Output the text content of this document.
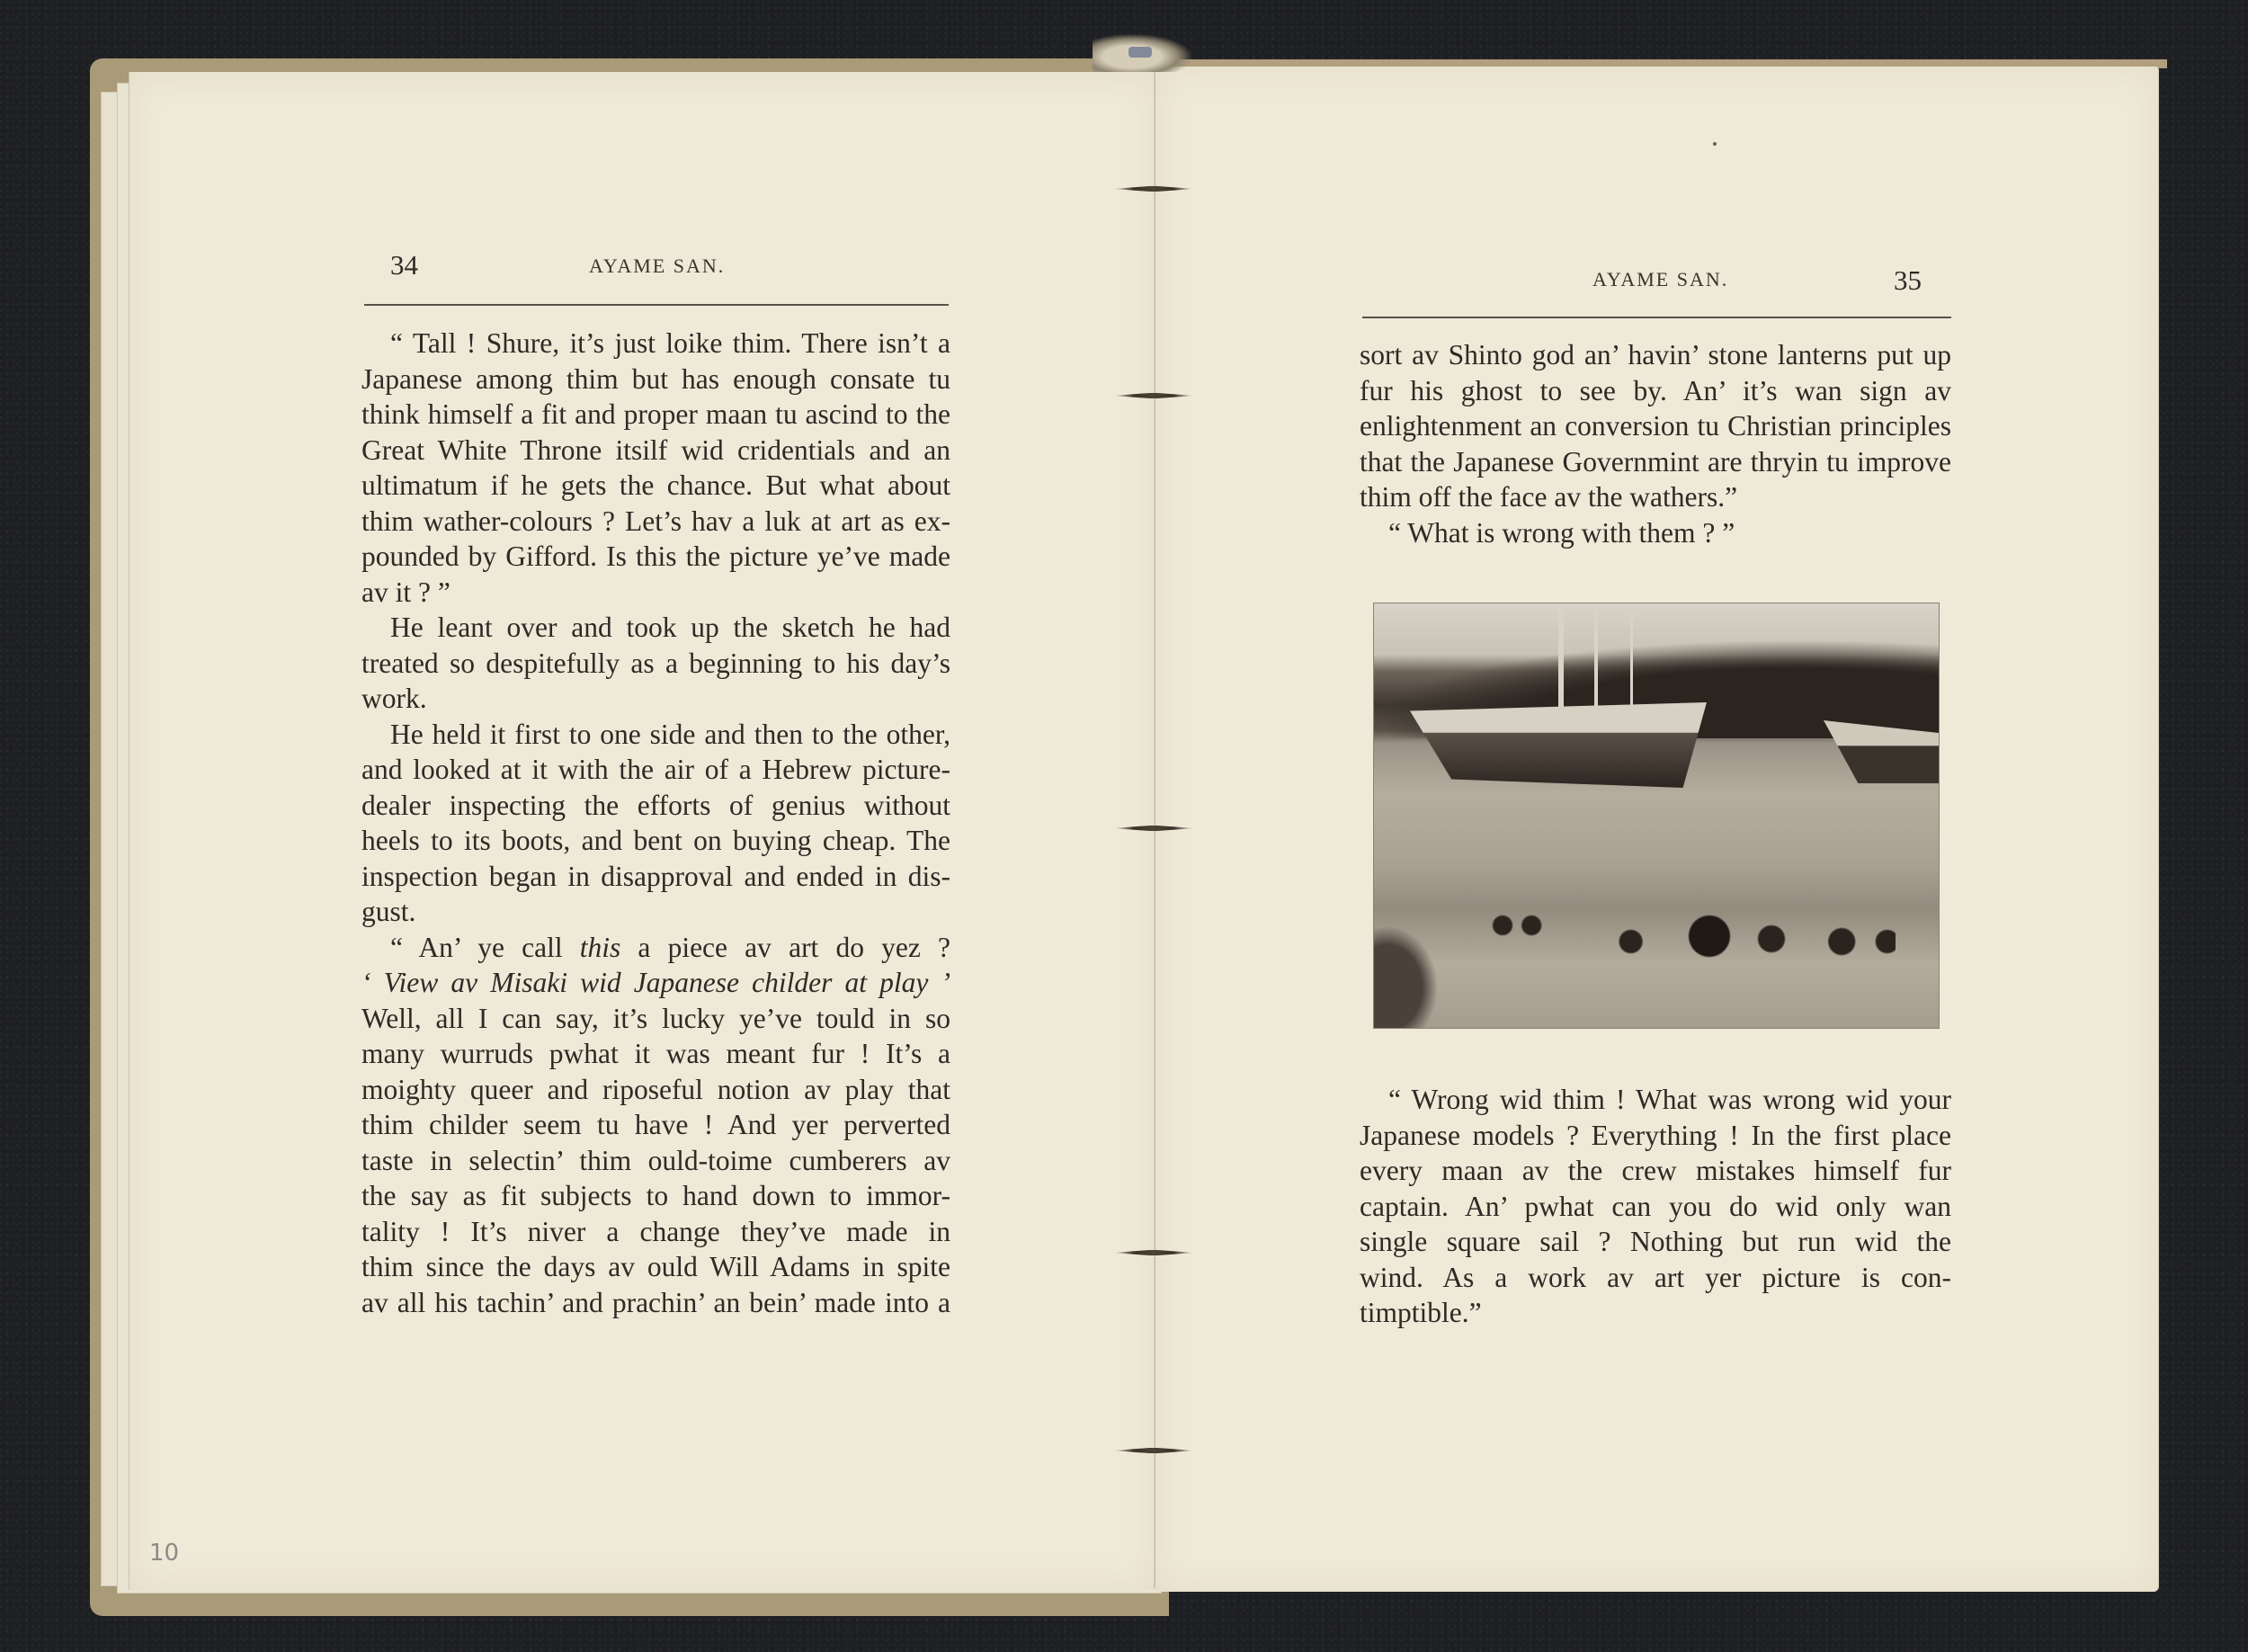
34	AYAME SAN.
“ Tall ! Shure, it’s just loike thim. There isn’t a
Japanese among thim but has enough consate tu
think himself a fit and proper maan tu ascind to the
Great White Throne itsilf wid cridentials and an
ultimatum if he gets the chance. But what about
thim wather-colours ? Let’s hav a luk at art as ex-
pounded by Gifford. Is this the picture ye’ve made
av it ? ”
He leant over and took up the sketch he had
treated so despitefully as a beginning to his day’s
work.
He held it first to one side and then to the other,
and looked at it with the air of a Hebrew picture-
dealer inspecting the efforts of genius without
heels to its boots, and bent on buying cheap. The
inspection began in disapproval and ended in dis-
gust.
“ An’ ye call this a piece av art do yez ?
‘ View av Misaki wid Japanese childer at play ’
Well, all I can say, it’s lucky ye’ve tould in so
many wurruds pwhat it was meant fur ! It’s a
moighty queer and riposeful notion av play that
thim childer seem tu have ! And yer perverted
taste in selectin’ thim ould-toime cumberers av
the say as fit subjects to hand down to immor-
tality ! It’s niver a change they’ve made in
thim since the days av ould Will Adams in spite
av all his tachin’ and prachin’ an bein’ made into a
10
AYAME SAN.	35
sort av Shinto god an’ havin’ stone lanterns put up
fur his ghost to see by. An’ it’s wan sign av
enlightenment an conversion tu Christian principles
that the Japanese Governmint are thryin tu improve
thim off the face av the wathers.”
“ What is wrong with them ? ”
“ Wrong wid thim ! What was wrong wid your
Japanese models ? Everything ! In the first place
every maan av the crew mistakes himself fur
captain. An’ pwhat can you do wid only wan
single square sail ? Nothing but run wid the
wind. As a work av art yer picture is con-
timptible.”
